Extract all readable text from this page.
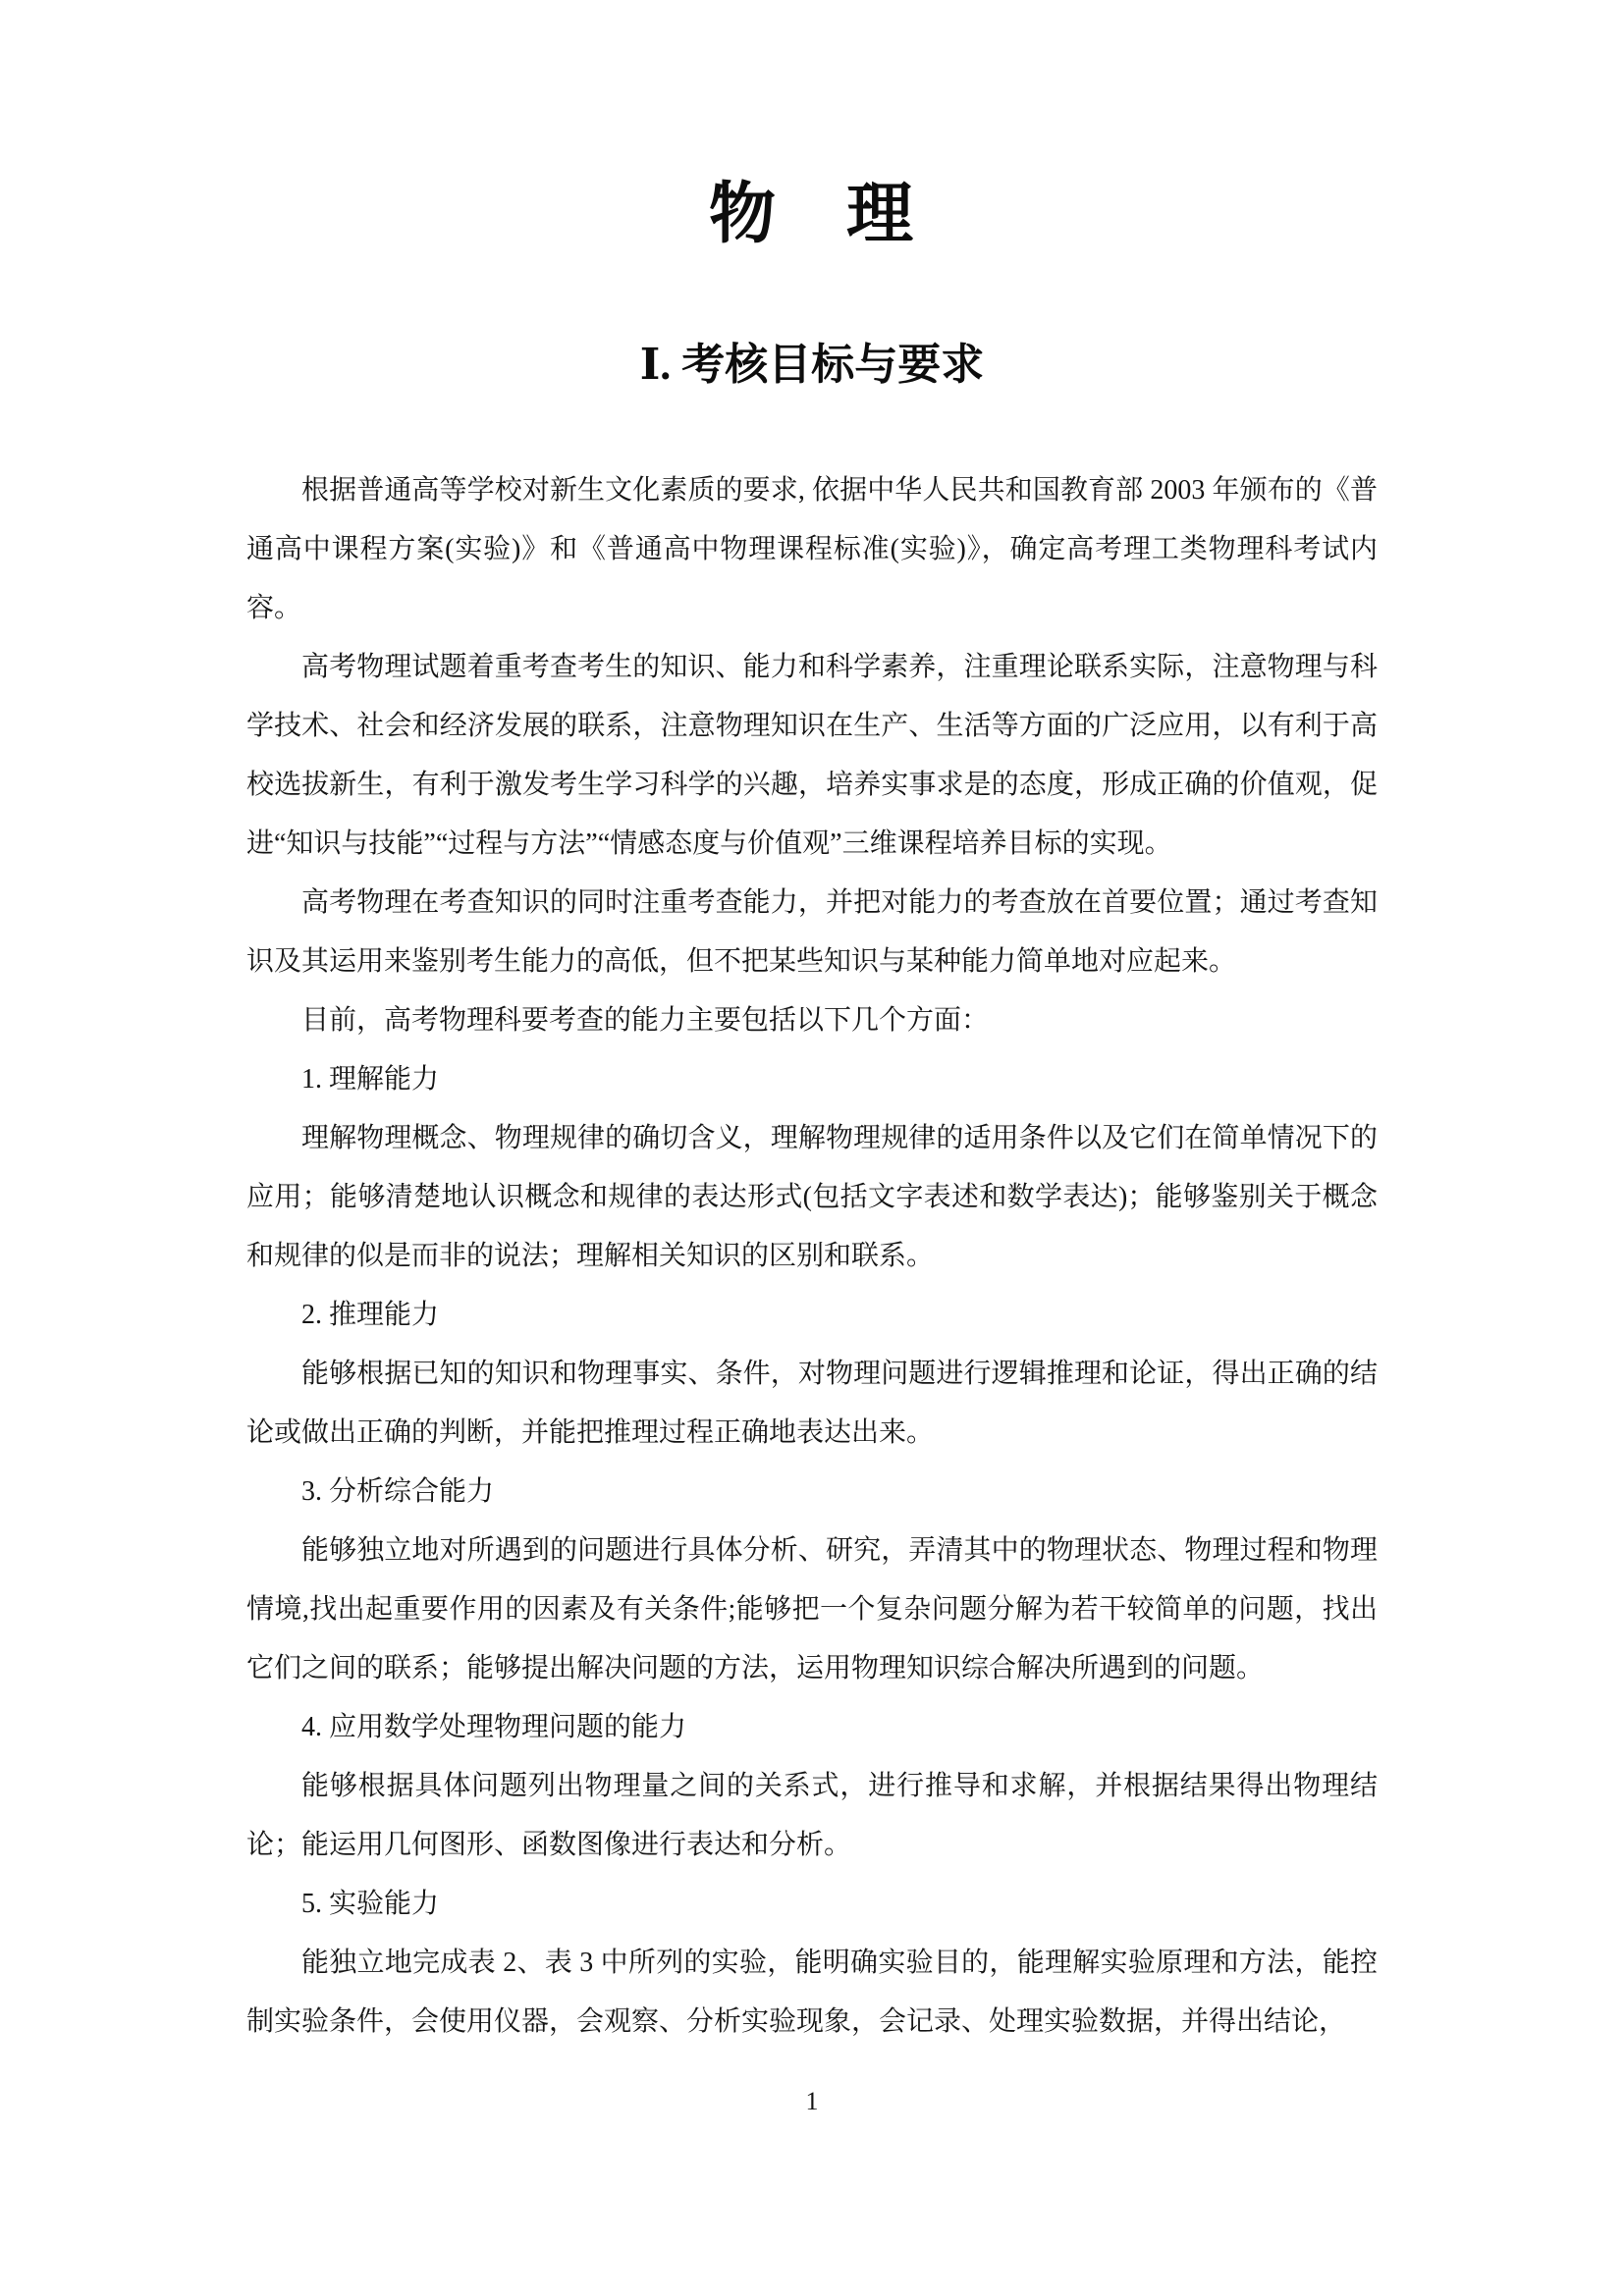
物　理
Ⅰ. 考核目标与要求

根据普通高等学校对新生文化素质的要求, 依据中华人民共和国教育部 2003 年颁布的《普通高中课程方案(实验)》和《普通高中物理课程标准(实验)》，确定高考理工类物理科考试内容。

高考物理试题着重考查考生的知识、能力和科学素养，注重理论联系实际，注意物理与科学技术、社会和经济发展的联系，注意物理知识在生产、生活等方面的广泛应用，以有利于高校选拔新生，有利于激发考生学习科学的兴趣，培养实事求是的态度，形成正确的价值观，促进“知识与技能”“过程与方法”“情感态度与价值观”三维课程培养目标的实现。

高考物理在考查知识的同时注重考查能力，并把对能力的考查放在首要位置；通过考查知识及其运用来鉴别考生能力的高低，但不把某些知识与某种能力简单地对应起来。

目前，高考物理科要考查的能力主要包括以下几个方面：

1. 理解能力

理解物理概念、物理规律的确切含义，理解物理规律的适用条件以及它们在简单情况下的应用；能够清楚地认识概念和规律的表达形式(包括文字表述和数学表达)；能够鉴别关于概念和规律的似是而非的说法；理解相关知识的区别和联系。

2. 推理能力

能够根据已知的知识和物理事实、条件，对物理问题进行逻辑推理和论证，得出正确的结论或做出正确的判断，并能把推理过程正确地表达出来。

3. 分析综合能力

能够独立地对所遇到的问题进行具体分析、研究，弄清其中的物理状态、物理过程和物理情境,找出起重要作用的因素及有关条件;能够把一个复杂问题分解为若干较简单的问题，找出它们之间的联系；能够提出解决问题的方法，运用物理知识综合解决所遇到的问题。

4. 应用数学处理物理问题的能力

能够根据具体问题列出物理量之间的关系式，进行推导和求解，并根据结果得出物理结论；能运用几何图形、函数图像进行表达和分析。

5. 实验能力

能独立地完成表 2、表 3 中所列的实验，能明确实验目的，能理解实验原理和方法，能控制实验条件，会使用仪器，会观察、分析实验现象，会记录、处理实验数据，并得出结论，

1
